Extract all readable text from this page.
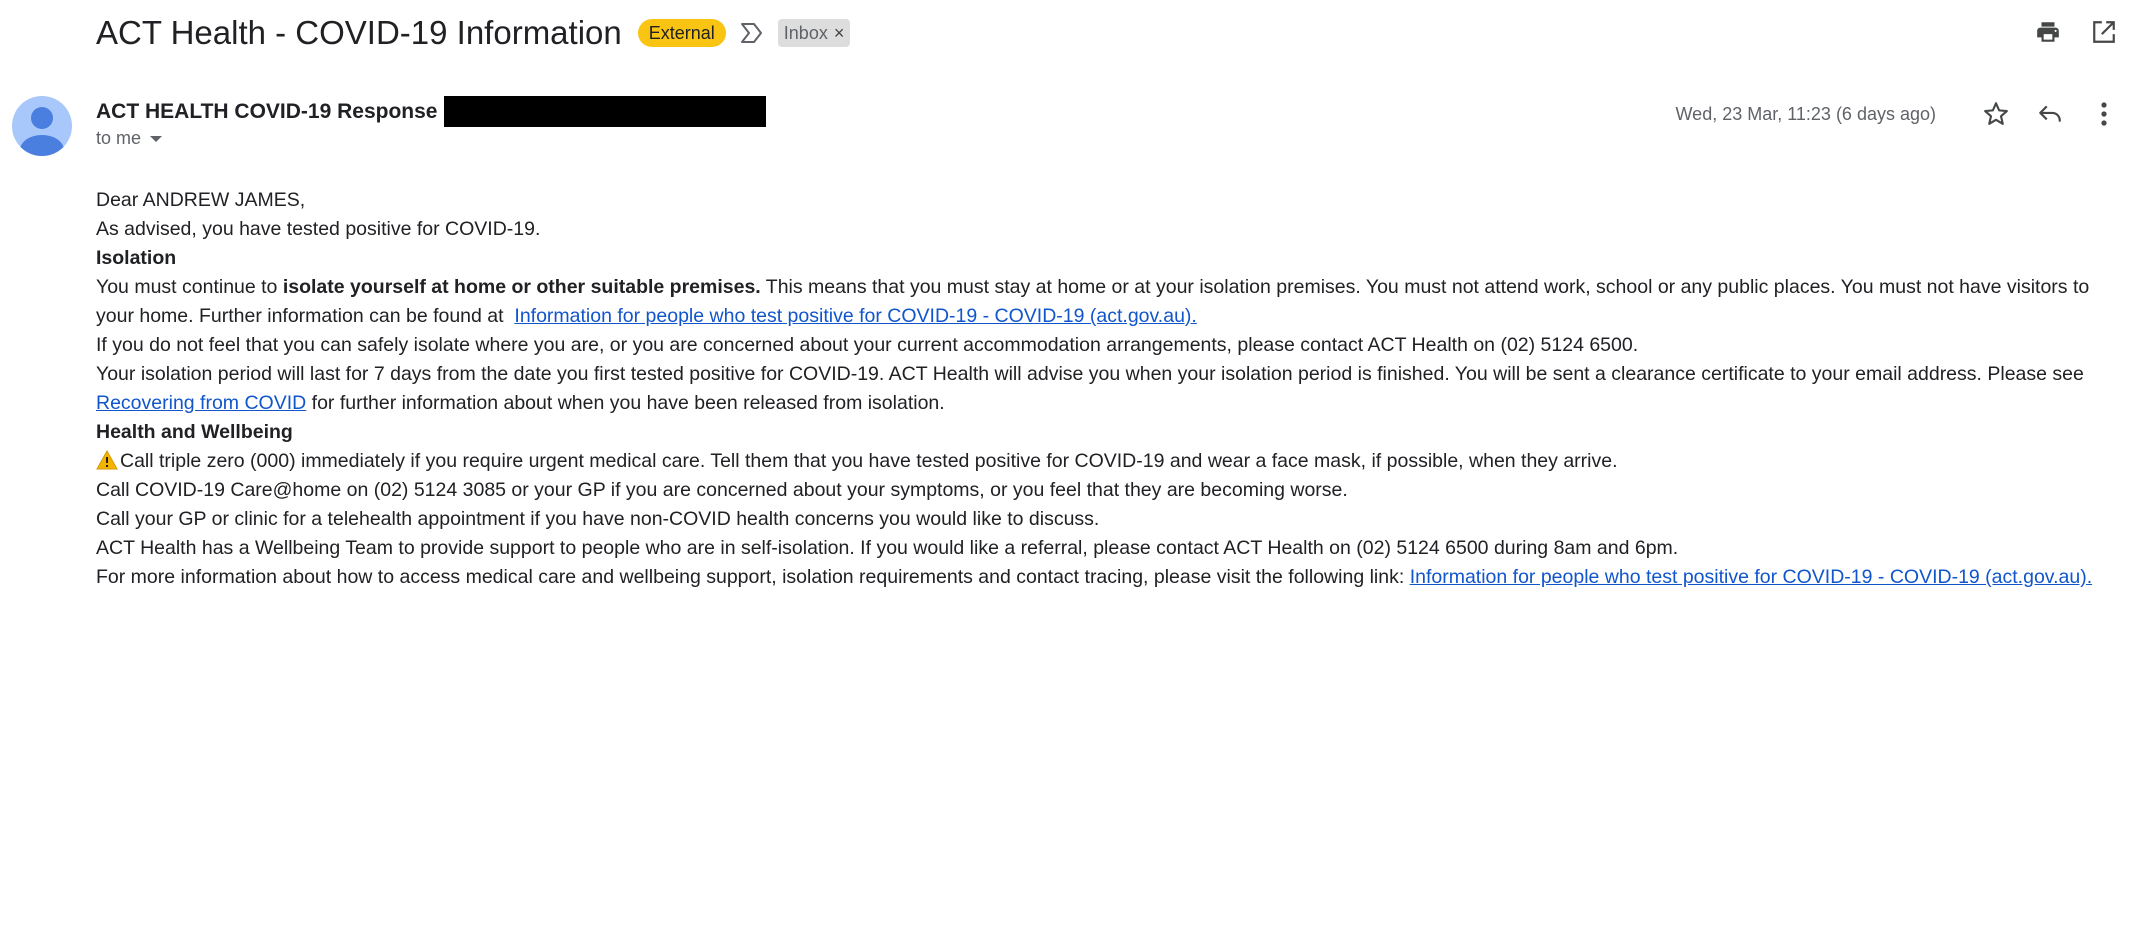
ACT Health - COVID-19 Information	External	Inbox ×
ACT HEALTH COVID-19 Response
to me
Wed, 23 Mar, 11:23 (6 days ago)

Dear ANDREW JAMES,

As advised, you have tested positive for COVID-19.

Isolation

You must continue to isolate yourself at home or other suitable premises. This means that you must stay at home or at your isolation premises. You must not attend work, school or any public places. You must not have visitors to your home. Further information can be found at  Information for people who test positive for COVID-19 - COVID-19 (act.gov.au).

If you do not feel that you can safely isolate where you are, or you are concerned about your current accommodation arrangements, please contact ACT Health on (02) 5124 6500.

Your isolation period will last for 7 days from the date you first tested positive for COVID-19. ACT Health will advise you when your isolation period is finished. You will be sent a clearance certificate to your email address. Please see Recovering from COVID for further information about when you have been released from isolation.

Health and Wellbeing

Call triple zero (000) immediately if you require urgent medical care. Tell them that you have tested positive for COVID-19 and wear a face mask, if possible, when they arrive.

Call COVID-19 Care@home on (02) 5124 3085 or your GP if you are concerned about your symptoms, or you feel that they are becoming worse.

Call your GP or clinic for a telehealth appointment if you have non-COVID health concerns you would like to discuss.

ACT Health has a Wellbeing Team to provide support to people who are in self-isolation. If you would like a referral, please contact ACT Health on (02) 5124 6500 during 8am and 6pm.

For more information about how to access medical care and wellbeing support, isolation requirements and contact tracing, please visit the following link: Information for people who test positive for COVID-19 - COVID-19 (act.gov.au).
